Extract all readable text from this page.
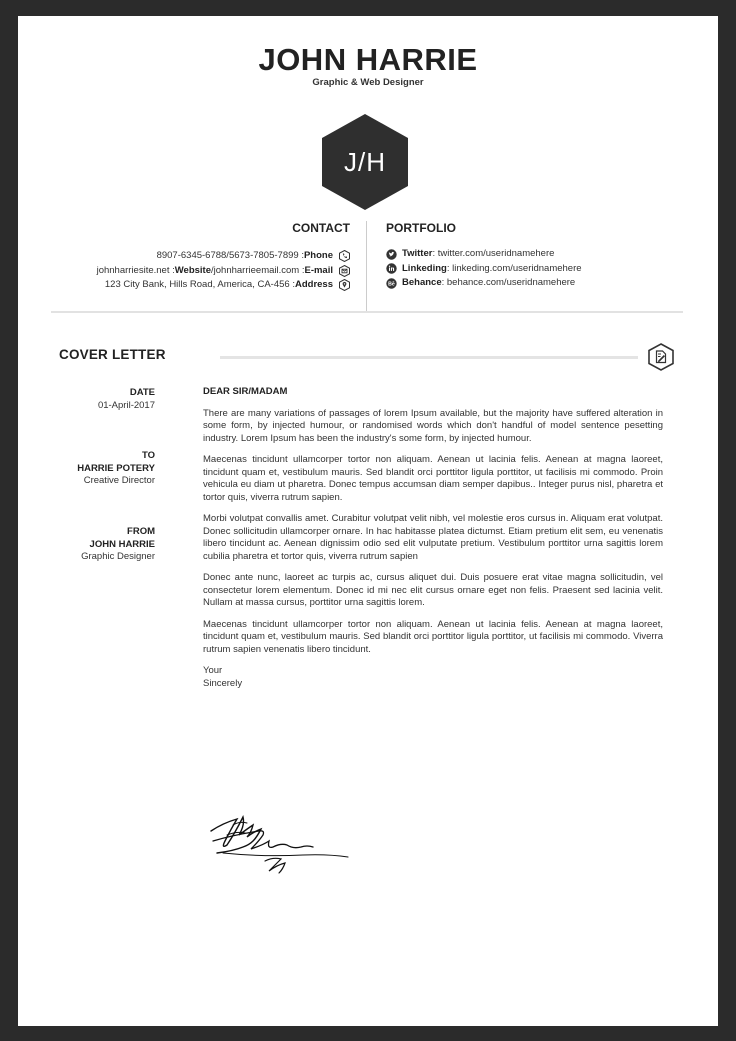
JOHN HARRIE
Graphic & Web Designer
J/H
CONTACT	PORTFOLIO
8907-6345-6788/5673-7805-7899 : Phone
johnharriesite.net : Website /johnharrieemail.com : E-mail
123 City Bank, Hills Road, America, CA-456 : Address
Twitter : twitter.com/useridnamehere
Linkeding : linkeding.com/useridnamehere
Bē Behance : behance.com/useridnamehere
COVER LETTER
DATE
01-April-2017
TO
HARRIE POTERY
Creative Director
FROM
JOHN HARRIE
Graphic Designer
DEAR SIR/MADAM

There are many variations of passages of lorem Ipsum available, but the majority have suffered alteration in some form, by injected humour, or randomised words which don't handful of model sentence pesetting industry. Lorem Ipsum has been the industry's some form, by injected humour.

Maecenas tincidunt ullamcorper tortor non aliquam. Aenean ut lacinia felis. Aenean at magna laoreet, tincidunt quam et, vestibulum mauris. Sed blandit orci porttitor ligula porttitor, ut facilisis mi commodo. Proin vehicula eu diam ut pharetra. Donec tempus accumsan diam semper dapibus.. Integer purus nisl, pharetra et tortor quis, viverra rutrum sapien.

Morbi volutpat convallis amet. Curabitur volutpat velit nibh, vel molestie eros cursus in. Aliquam erat volutpat. Donec sollicitudin ullamcorper ornare. In hac habitasse platea dictumst. Etiam pretium elit sem, eu venenatis libero tincidunt ac. Aenean dignissim odio sed elit vulputate pretium. Vestibulum porttitor urna sagittis lorem cubilia pharetra et tortor quis, viverra rutrum sapien

Donec ante nunc, laoreet ac turpis ac, cursus aliquet dui. Duis posuere erat vitae magna sollicitudin, vel consectetur lorem elementum. Donec id mi nec elit cursus ornare eget non felis. Praesent sed lacinia velit. Nullam at massa cursus, porttitor urna sagittis lorem.

Maecenas tincidunt ullamcorper tortor non aliquam. Aenean ut lacinia felis. Aenean at magna laoreet, tincidunt quam et, vestibulum mauris. Sed blandit orci porttitor ligula porttitor, ut facilisis mi commodo. Viverra rutrum sapien venenatis libero tincidunt.

Your
Sincerely
